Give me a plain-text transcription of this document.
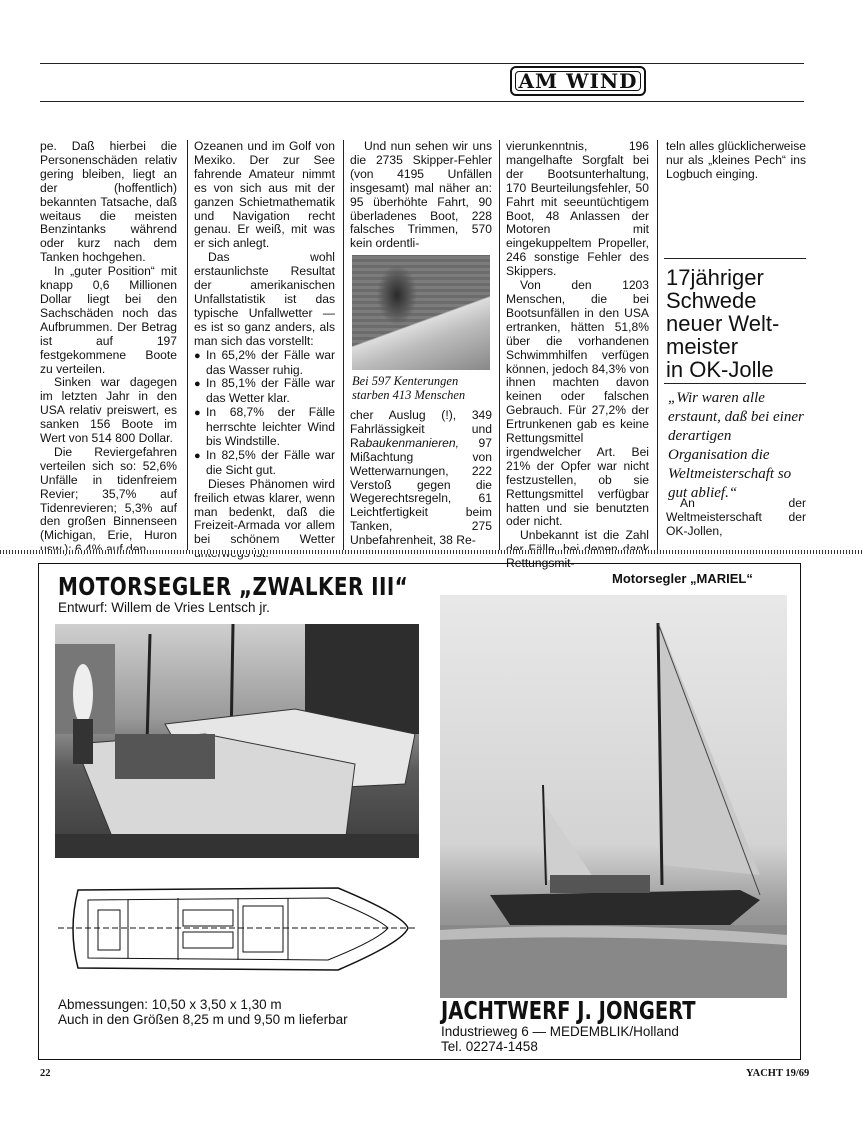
AM WIND

pe. Daß hierbei die Personenschäden relativ gering bleiben, liegt an der (hoffentlich) bekannten Tatsache, daß weitaus die meisten Benzintanks während oder kurz nach dem Tanken hochgehen.

In „guter Position“ mit knapp 0,6 Millionen Dollar liegt bei den Sachschäden noch das Aufbrummen. Der Betrag ist auf 197 festgekommene Boote zu verteilen.

Sinken war dagegen im letzten Jahr in den USA relativ preiswert, es sanken 156 Boote im Wert von 514 800 Dollar.

Die Reviergefahren verteilen sich so: 52,6% Unfälle in tidenfreiem Revier; 35,7% auf Tidenrevieren; 5,3% auf den großen Binnenseen (Michigan, Erie, Huron

Ozeanen und im Golf von Mexiko. Der zur See fahrende Amateur nimmt es von sich aus mit der ganzen Schietmathematik und Navigation recht genau. Er weiß, mit was er sich anlegt.

Das wohl erstaunlichste Resultat der amerikanischen Unfallstatistik ist das typische Unfallwetter — es ist so ganz anders, als man sich das vorstellt:

● In 65,2% der Fälle war das Wasser ruhig.

● In 85,1% der Fälle war das Wetter klar.

● In 68,7% der Fälle herrschte leichter Wind bis Windstille.

● In 82,5% der Fälle war die Sicht gut.

Dieses Phänomen wird freilich etwas klarer, wenn man bedenkt, daß die Freizeit-Armada vor allem bei schönem Wetter

Und nun sehen wir uns die 2735 Skipper-Fehler (von 4195 Unfällen insgesamt) mal näher an: 95 überhöhte Fahrt, 90 überladenes Boot, 228 falsches Trimmen, 570 kein ordentli-

Bei 597 Kenterungen starben 413 Menschen

cher Auslug (!), 349 Fahrlässigkeit und Rabaukenmanieren, 97 Mißachtung von Wetterwarnungen, 222 Verstoß gegen die Wegerechtsregeln, 61 Leichtfertigkeit beim Tanken, 275 Unbefahrenheit, 38 Re-

vierunkenntnis, 196 mangelhafte Sorgfalt bei der Bootsunterhaltung, 170 Beurteilungsfehler, 50 Fahrt mit seeuntüchtigem Boot, 48 Anlassen der Motoren mit eingekuppeltem Propeller, 246 sonstige Fehler des Skippers.

Von den 1203 Menschen, die bei Bootsunfällen in den USA ertranken, hätten 51,8% über die vorhandenen Schwimmhilfen verfügen können, jedoch 84,3% von ihnen machten davon keinen oder falschen Gebrauch. Für 27,2% der Ertrunkenen gab es keine Rettungsmittel irgendwelcher Art. Bei 21% der Opfer war nicht festzustellen, ob sie Rettungsmittel verfügbar hatten und sie benutzten oder nicht.

Unbekannt ist die Zahl Rettungsmit-

teln alles glücklicherweise nur als „kleines Pech“ ins Logbuch einging.

17jähriger
Schwede
neuer Welt-
meister
in OK-Jolle
„Wir waren alle erstaunt, daß bei einer derartigen Organisation die Weltmeisterschaft so gut ablief.“

An der Weltmeisterschaft der OK-Jollen,

MOTORSEGLER „ZWALKER III“
Entwurf: Willem de Vries Lentsch jr.
Motorsegler „MARIEL“
Abmessungen: 10,50 x 3,50 x 1,30 m
Auch in den Größen 8,25 m und 9,50 m lieferbar	JACHTWERF J. JONGERT
Industrieweg 6 — MEDEMBLIK/Holland
Tel. 02274-1458
22	YACHT 19/69
